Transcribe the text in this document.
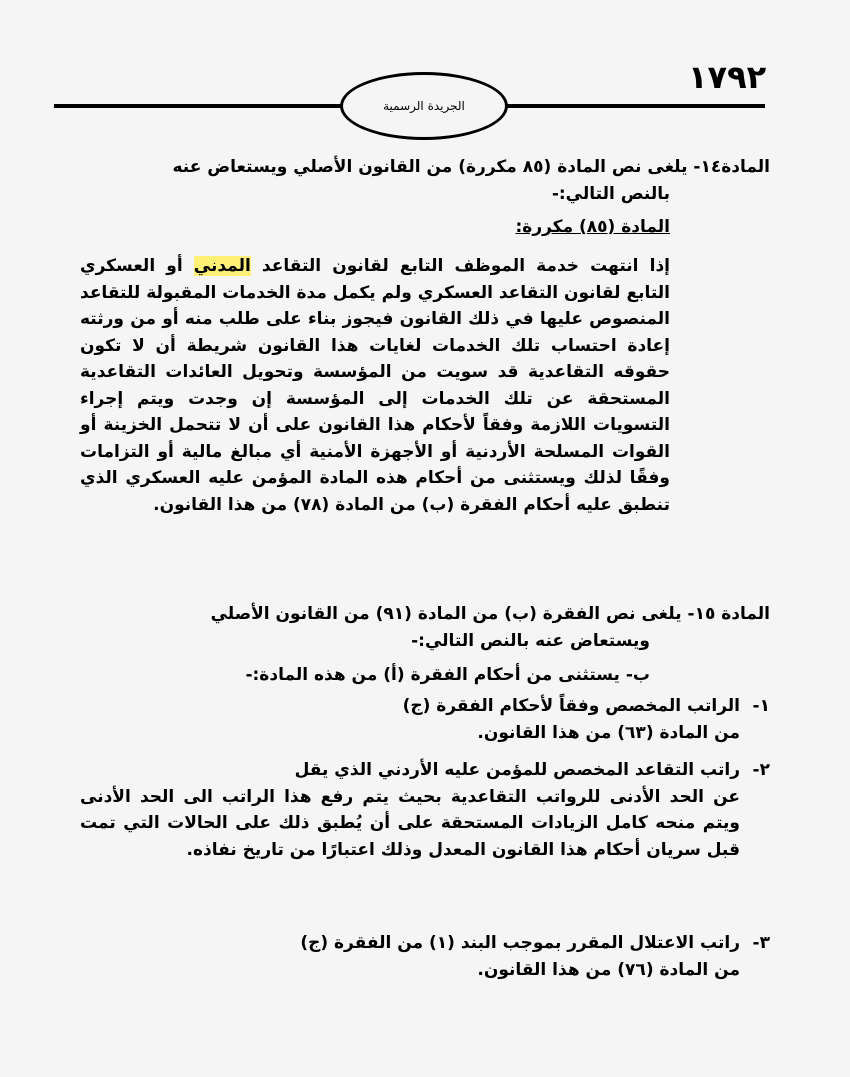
١٧٩٢
الجريدة الرسمية
المادة١٤- يلغى نص المادة (٨٥ مكررة) من القانون الأصلي ويستعاض عنه
بالنص التالي:-
المادة (٨٥) مكررة:
إذا انتهت خدمة الموظف التابع لقانون التقاعد المدني أو العسكري التابع لقانون التقاعد العسكري ولم يكمل مدة الخدمات المقبولة للتقاعد المنصوص عليها في ذلك القانون فيجوز بناء على طلب منه أو من ورثته إعادة احتساب تلك الخدمات لغايات هذا القانون شريطة أن لا تكون حقوقه التقاعدية قد سويت من المؤسسة وتحويل العائدات التقاعدية المستحقة عن تلك الخدمات إلى المؤسسة إن وجدت ويتم إجراء التسويات اللازمة وفقاً لأحكام هذا القانون على أن لا تتحمل الخزينة أو القوات المسلحة الأردنية أو الأجهزة الأمنية أي مبالغ مالية أو التزامات وفقًا لذلك ويستثنى من أحكام هذه المادة المؤمن عليه العسكري الذي تنطبق عليه أحكام الفقرة (ب) من المادة (٧٨) من هذا القانون.
المادة ١٥- يلغى نص الفقرة (ب) من المادة (٩١) من القانون الأصلي
ويستعاض عنه بالنص التالي:-
ب- يستثنى من أحكام الفقرة (أ) من هذه المادة:-
١-الراتب المخصص وفقاً لأحكام الفقرة (ج)
من المادة (٦٣) من هذا القانون.
٢-راتب التقاعد المخصص للمؤمن عليه الأردني الذي يقل
عن الحد الأدنى للرواتب التقاعدية بحيث يتم رفع هذا الراتب الى الحد الأدنى ويتم منحه كامل الزيادات المستحقة على أن يُطبق ذلك على الحالات التي تمت قبل سريان أحكام هذا القانون المعدل وذلك اعتبارًا من تاريخ نفاذه.
٣-راتب الاعتلال المقرر بموجب البند (١) من الفقرة (ج)
من المادة (٧٦) من هذا القانون.
